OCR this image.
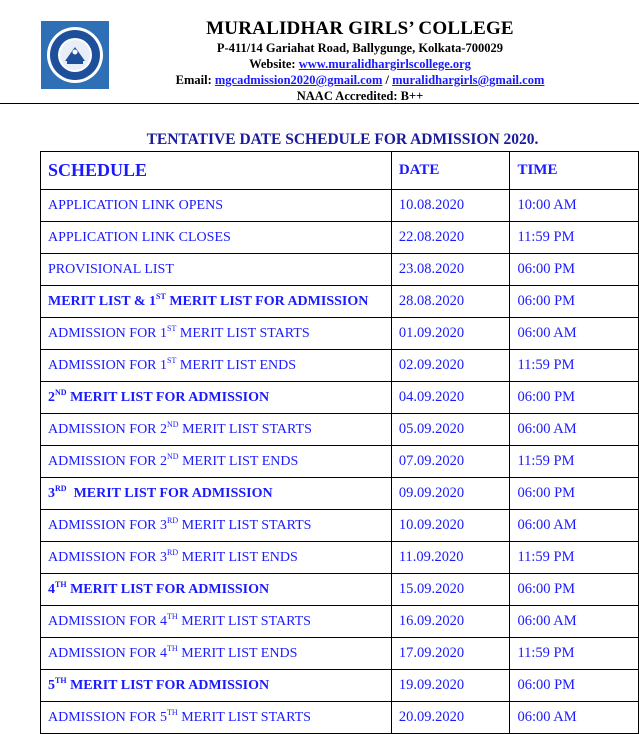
MURALIDHAR GIRLS’ COLLEGE
P-411/14 Gariahat Road, Ballygunge, Kolkata-700029
Website: www.muralidhargirlscollege.org
Email: mgcadmission2020@gmail.com / muralidhargirls@gmail.com
NAAC Accredited: B++
TENTATIVE DATE SCHEDULE FOR ADMISSION 2020.
SCHEDULE	DATE	TIME
APPLICATION LINK OPENS	10.08.2020	10:00 AM
APPLICATION LINK CLOSES	22.08.2020	11:59 PM
PROVISIONAL LIST	23.08.2020	06:00 PM
MERIT LIST & 1ST MERIT LIST FOR ADMISSION	28.08.2020	06:00 PM
ADMISSION FOR 1ST MERIT LIST STARTS	01.09.2020	06:00 AM
ADMISSION FOR 1ST MERIT LIST ENDS	02.09.2020	11:59 PM
2ND MERIT LIST FOR ADMISSION	04.09.2020	06:00 PM
ADMISSION FOR 2ND MERIT LIST STARTS	05.09.2020	06:00 AM
ADMISSION FOR 2ND MERIT LIST ENDS	07.09.2020	11:59 PM
3RD  MERIT LIST FOR ADMISSION	09.09.2020	06:00 PM
ADMISSION FOR 3RD MERIT LIST STARTS	10.09.2020	06:00 AM
ADMISSION FOR 3RD MERIT LIST ENDS	11.09.2020	11:59 PM
4TH MERIT LIST FOR ADMISSION	15.09.2020	06:00 PM
ADMISSION FOR 4TH MERIT LIST STARTS	16.09.2020	06:00 AM
ADMISSION FOR 4TH MERIT LIST ENDS	17.09.2020	11:59 PM
5TH MERIT LIST FOR ADMISSION	19.09.2020	06:00 PM
ADMISSION FOR 5TH MERIT LIST STARTS	20.09.2020	06:00 AM
